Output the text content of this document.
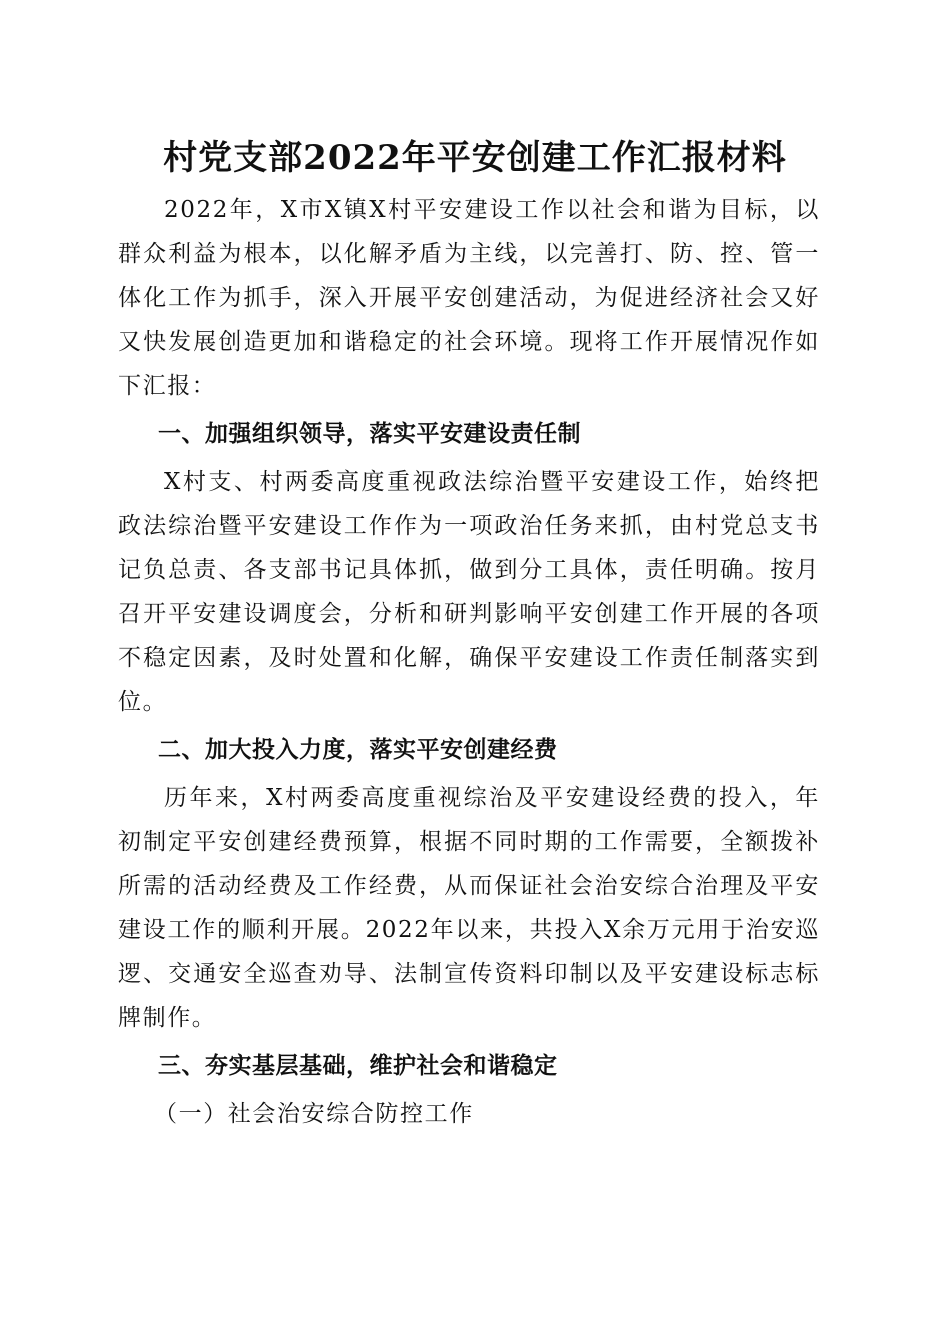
村党支部2022年平安创建工作汇报材料

2022年，X市X镇X村平安建设工作以社会和谐为目标，以群众利益为根本，以化解矛盾为主线，以完善打、防、控、管一体化工作为抓手，深入开展平安创建活动，为促进经济社会又好又快发展创造更加和谐稳定的社会环境。现将工作开展情况作如下汇报：

一、加强组织领导，落实平安建设责任制

X村支、村两委高度重视政法综治暨平安建设工作，始终把政法综治暨平安建设工作作为一项政治任务来抓，由村党总支书记负总责、各支部书记具体抓，做到分工具体，责任明确。按月召开平安建设调度会，分析和研判影响平安创建工作开展的各项不稳定因素，及时处置和化解，确保平安建设工作责任制落实到位。

二、加大投入力度，落实平安创建经费

历年来，X村两委高度重视综治及平安建设经费的投入，年初制定平安创建经费预算，根据不同时期的工作需要，全额拨补所需的活动经费及工作经费，从而保证社会治安综合治理及平安建设工作的顺利开展。2022年以来，共投入X余万元用于治安巡逻、交通安全巡查劝导、法制宣传资料印制以及平安建设标志标牌制作。

三、夯实基层基础，维护社会和谐稳定

（一）社会治安综合防控工作
